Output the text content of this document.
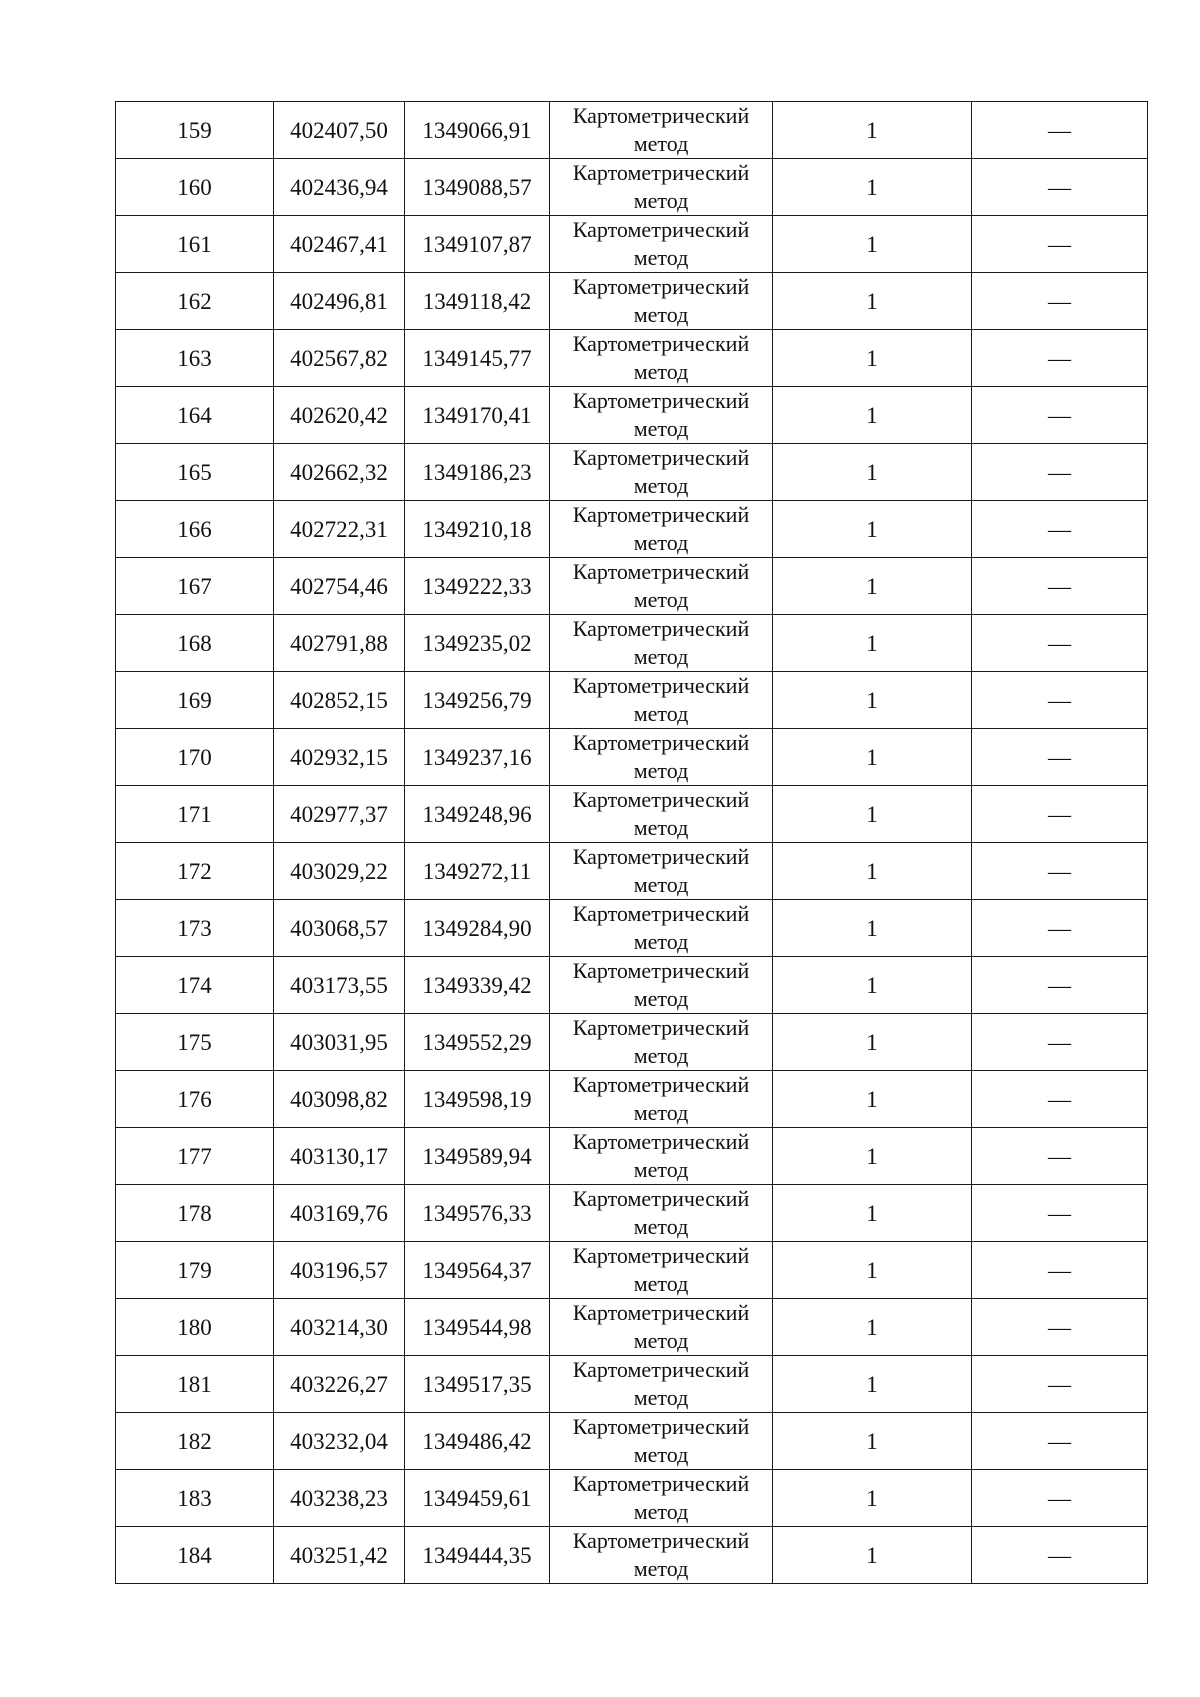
159	402407,50	1349066,91	Картометрический метод	1	—
160	402436,94	1349088,57	Картометрический метод	1	—
161	402467,41	1349107,87	Картометрический метод	1	—
162	402496,81	1349118,42	Картометрический метод	1	—
163	402567,82	1349145,77	Картометрический метод	1	—
164	402620,42	1349170,41	Картометрический метод	1	—
165	402662,32	1349186,23	Картометрический метод	1	—
166	402722,31	1349210,18	Картометрический метод	1	—
167	402754,46	1349222,33	Картометрический метод	1	—
168	402791,88	1349235,02	Картометрический метод	1	—
169	402852,15	1349256,79	Картометрический метод	1	—
170	402932,15	1349237,16	Картометрический метод	1	—
171	402977,37	1349248,96	Картометрический метод	1	—
172	403029,22	1349272,11	Картометрический метод	1	—
173	403068,57	1349284,90	Картометрический метод	1	—
174	403173,55	1349339,42	Картометрический метод	1	—
175	403031,95	1349552,29	Картометрический метод	1	—
176	403098,82	1349598,19	Картометрический метод	1	—
177	403130,17	1349589,94	Картометрический метод	1	—
178	403169,76	1349576,33	Картометрический метод	1	—
179	403196,57	1349564,37	Картометрический метод	1	—
180	403214,30	1349544,98	Картометрический метод	1	—
181	403226,27	1349517,35	Картометрический метод	1	—
182	403232,04	1349486,42	Картометрический метод	1	—
183	403238,23	1349459,61	Картометрический метод	1	—
184	403251,42	1349444,35	Картометрический метод	1	—
